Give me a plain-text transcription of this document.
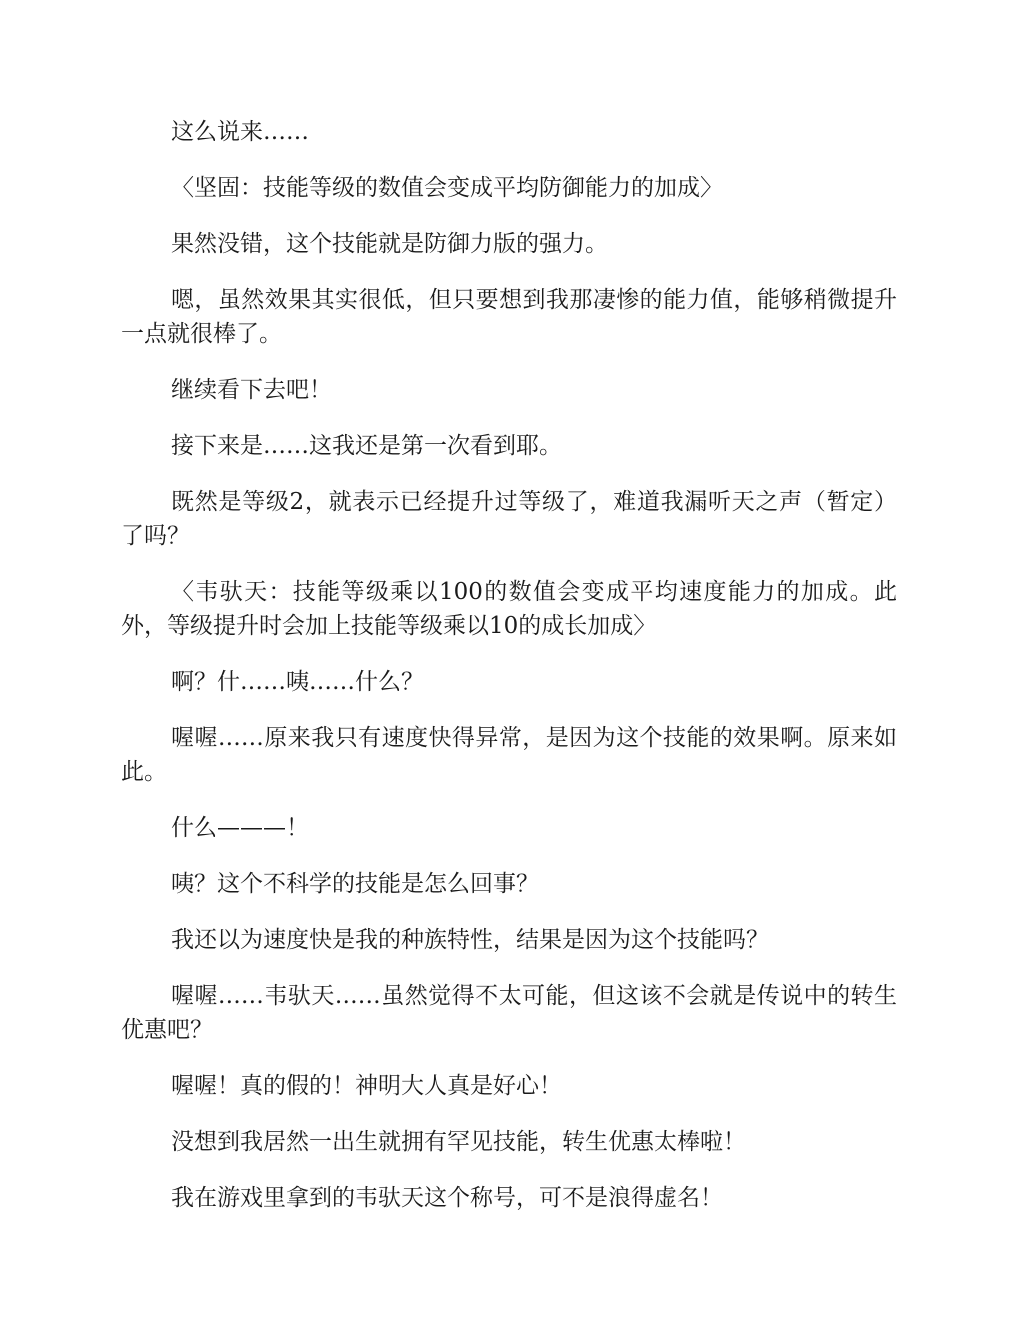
这么说来……

〈坚固：技能等级的数值会变成平均防御能力的加成〉

果然没错，这个技能就是防御力版的强力。

嗯，虽然效果其实很低，但只要想到我那凄惨的能力值，能够稍微提升一点就很棒了。

继续看下去吧！

接下来是……这我还是第一次看到耶。

既然是等级2，就表示已经提升过等级了，难道我漏听天之声（暂定）了吗？

〈韦驮天：技能等级乘以100的数值会变成平均速度能力的加成。此外，等级提升时会加上技能等级乘以10的成长加成〉

啊？什……咦……什么？

喔喔……原来我只有速度快得异常，是因为这个技能的效果啊。原来如此。

什么———！

咦？这个不科学的技能是怎么回事？

我还以为速度快是我的种族特性，结果是因为这个技能吗？

喔喔……韦驮天……虽然觉得不太可能，但这该不会就是传说中的转生优惠吧？

喔喔！真的假的！神明大人真是好心！

没想到我居然一出生就拥有罕见技能，转生优惠太棒啦！

我在游戏里拿到的韦驮天这个称号，可不是浪得虚名！
